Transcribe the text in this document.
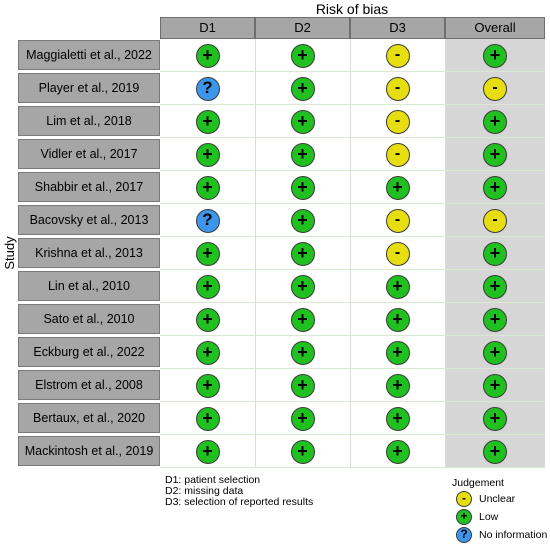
Risk of bias
Study
D1	D2	D3	Overall
Maggialetti et al., 2022	+	+	-	+
Player et al., 2019	?	+	-	-
Lim et al., 2018	+	+	-	+
Vidler et al., 2017	+	+	-	+
Shabbir et al., 2017	+	+	+	+
Bacovsky et al., 2013	?	+	-	-
Krishna et al., 2013	+	+	-	+
Lin et al., 2010	+	+	+	+
Sato et al., 2010	+	+	+	+
Eckburg et al., 2022	+	+	+	+
Elstrom et al., 2008	+	+	+	+
Bertaux, et al., 2020	+	+	+	+
Mackintosh et al., 2019	+	+	+	+
D1: patient selection
D2: missing data
D3: selection of reported results
Judgement
-	Unclear
+	Low
?	No information
